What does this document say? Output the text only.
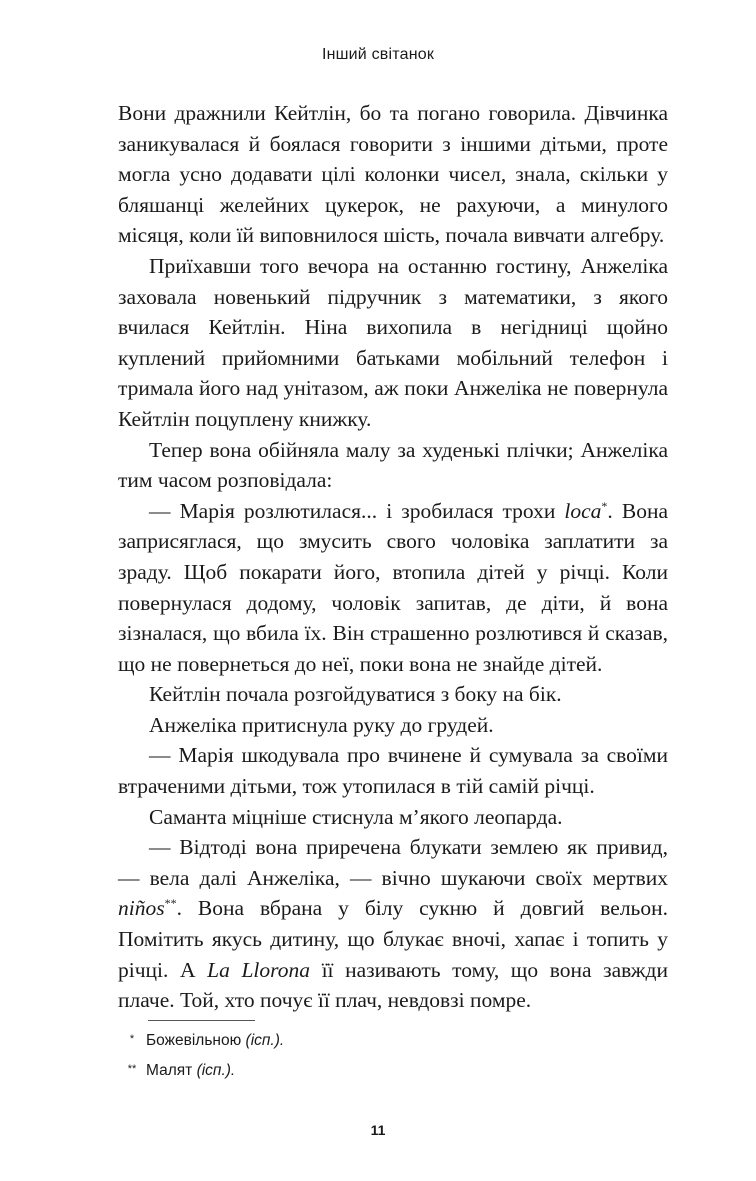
Інший світанок

Вони дражнили Кейтлін, бо та погано говорила. Дівчинка заникувалася й боялася говорити з іншими дітьми, проте могла усно додавати цілі колонки чисел, знала, скільки у бляшанці желейних цукерок, не рахуючи, а минулого місяця, коли їй виповнилося шість, почала вивчати алгебру.

Приїхавши того вечора на останню гостину, Анжеліка заховала новенький підручник з математики, з якого вчилася Кейтлін. Ніна вихопила в негідниці щойно куплений прийомними батьками мобільний телефон і тримала його над унітазом, аж поки Анжеліка не повернула Кейтлін поцуплену книжку.

Тепер вона обійняла малу за худенькі плічки; Анжеліка тим часом розповідала:

— Марія розлютилася... і зробилася трохи loca*. Вона заприсяглася, що змусить свого чоловіка заплатити за зраду. Щоб покарати його, втопила дітей у річці. Коли повернулася додому, чоловік запитав, де діти, й вона зізналася, що вбила їх. Він страшенно розлютився й сказав, що не повернеться до неї, поки вона не знайде дітей.

Кейтлін почала розгойдуватися з боку на бік.

Анжеліка притиснула руку до грудей.

— Марія шкодувала про вчинене й сумувала за своїми втраченими дітьми, тож утопилася в тій самій річці.

Саманта міцніше стиснула м’якого леопарда.

— Відтоді вона приречена блукати землею як привид, — вела далі Анжеліка, — вічно шукаючи своїх мертвих niños**. Вона вбрана у білу сукню й довгий вельон. Помітить якусь дитину, що блукає вночі, хапає і топить у річці. А La Llorona її називають тому, що вона завжди плаче. Той, хто почує її плач, невдовзі помре.

* Божевільною (ісп.).
** Малят (ісп.).
11
